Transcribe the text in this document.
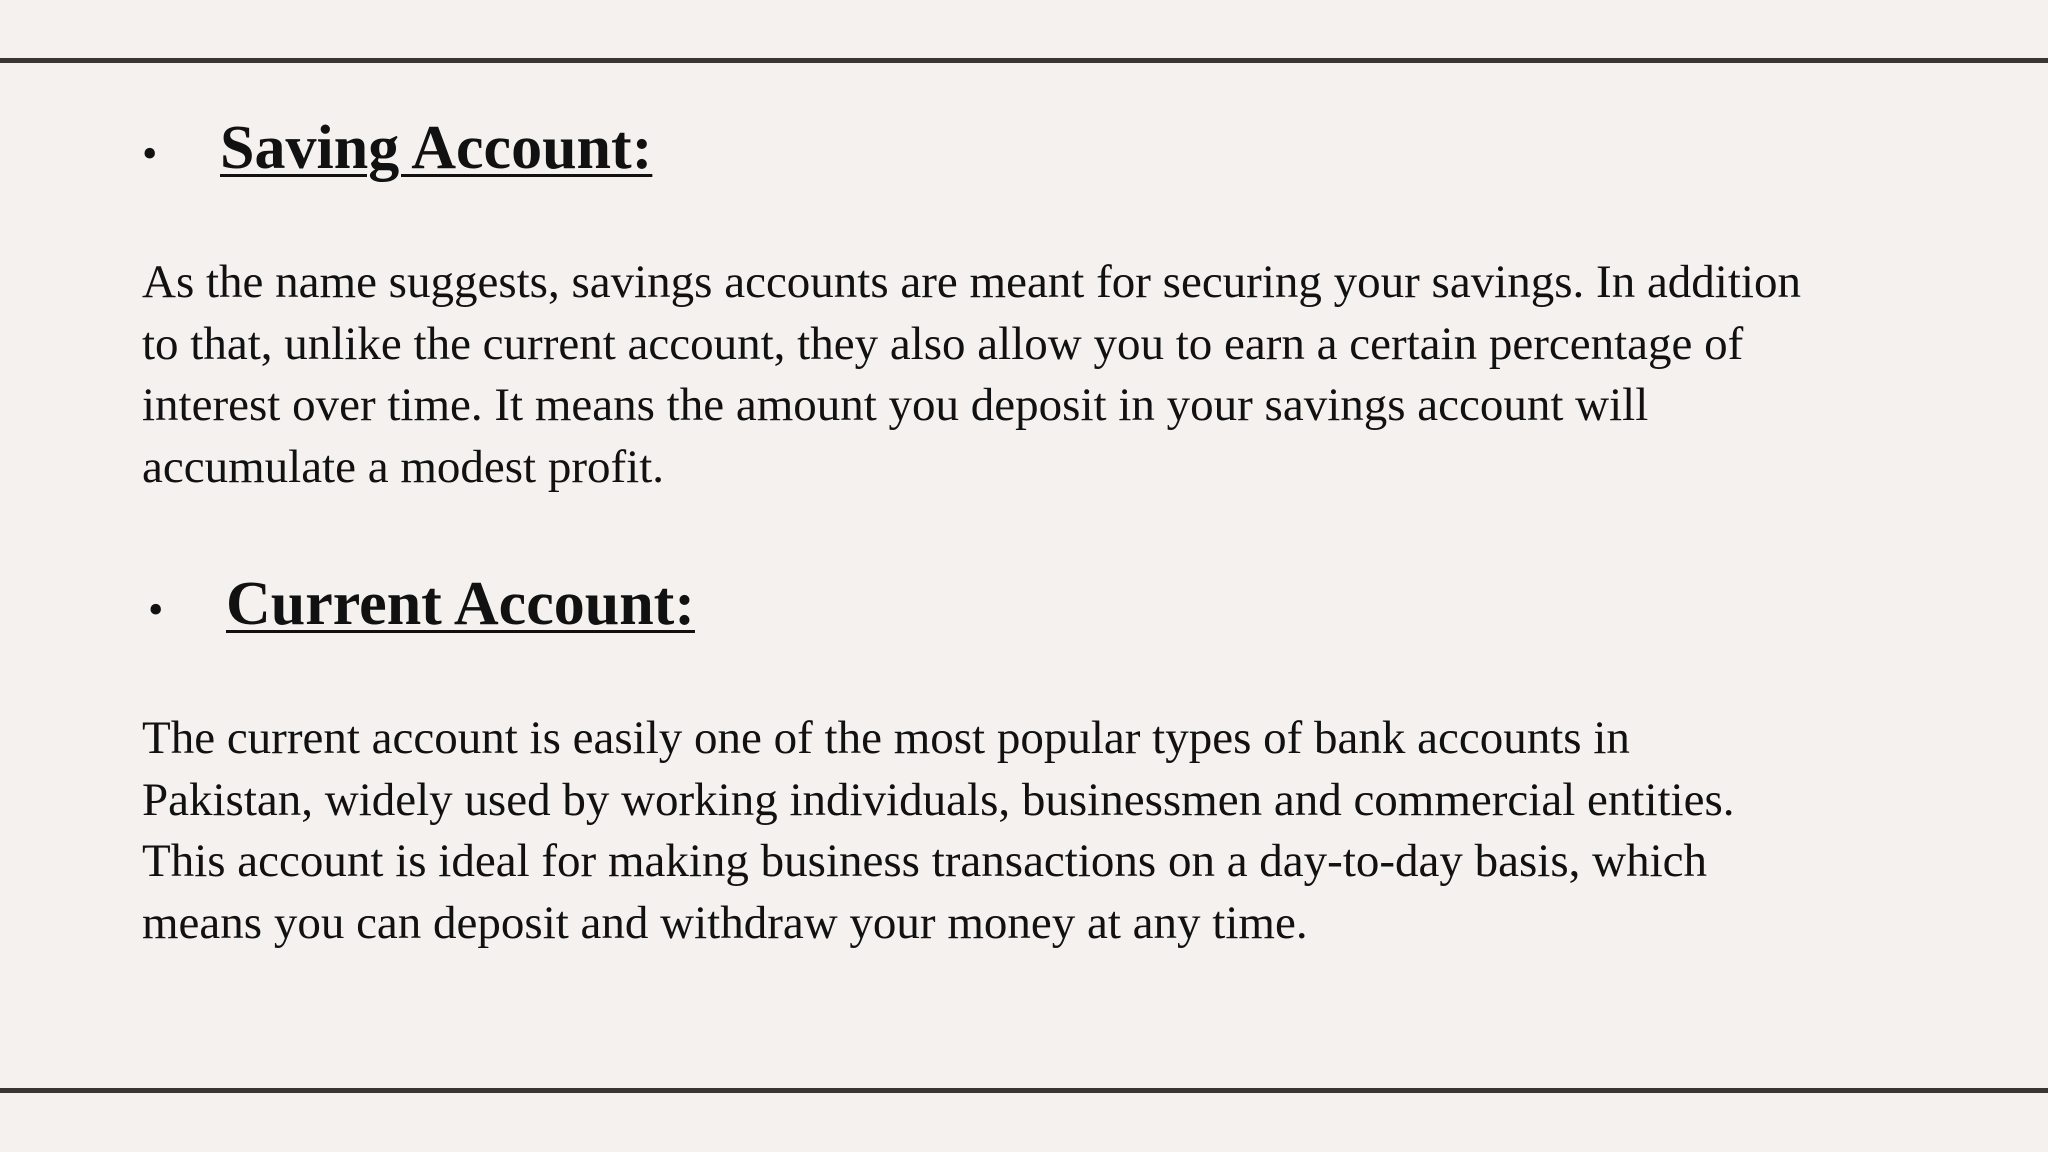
•	Saving Account:
As the name suggests, savings accounts are meant for securing your savings. In addition
to that, unlike the current account, they also allow you to earn a certain percentage of
interest over time. It means the amount you deposit in your savings account will
accumulate a modest profit.
•	Current Account:
The current account is easily one of the most popular types of bank accounts in
Pakistan, widely used by working individuals, businessmen and commercial entities.
This account is ideal for making business transactions on a day-to-day basis, which
means you can deposit and withdraw your money at any time.
